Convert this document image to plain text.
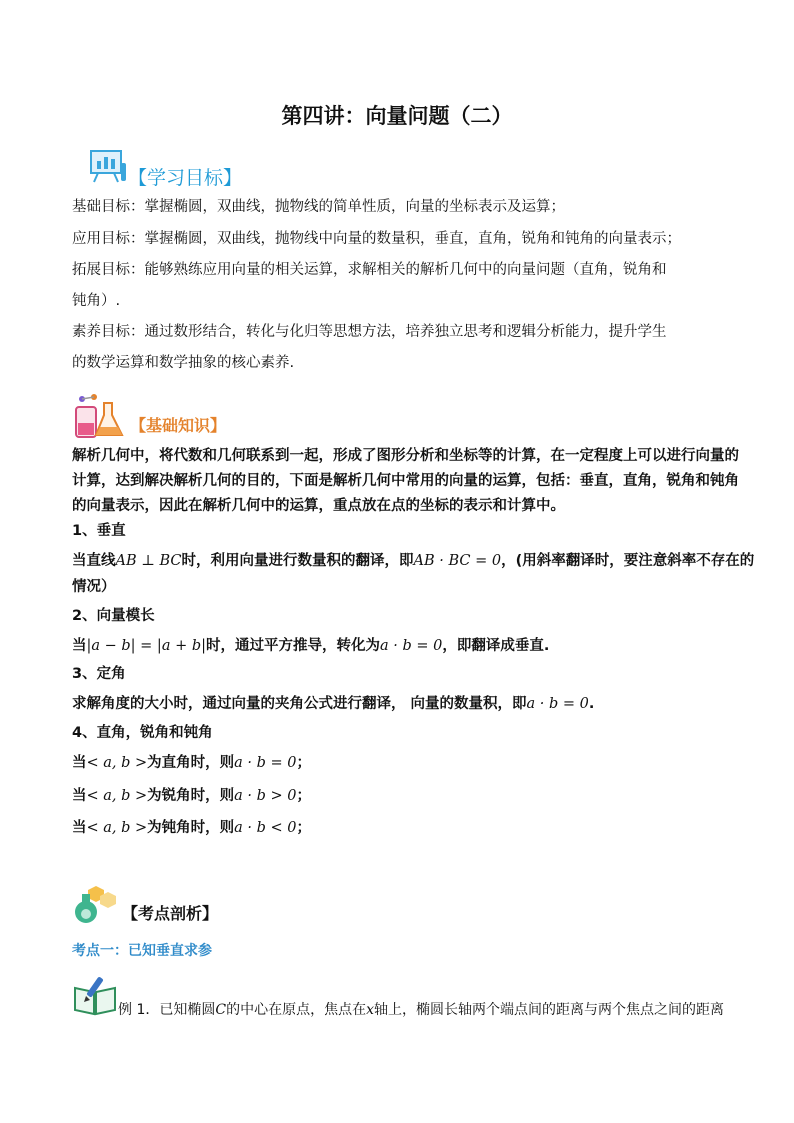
第四讲：向量问题（二）
【学习目标】
基础目标：掌握椭圆，双曲线，抛物线的简单性质，向量的坐标表示及运算；
应用目标：掌握椭圆，双曲线，抛物线中向量的数量积，垂直，直角，锐角和钝角的向量表示；
拓展目标：能够熟练应用向量的相关运算，求解相关的解析几何中的向量问题（直角，锐角和
钝角）.
素养目标：通过数形结合，转化与化归等思想方法，培养独立思考和逻辑分析能力，提升学生
的数学运算和数学抽象的核心素养.
【基础知识】
解析几何中，将代数和几何联系到一起，形成了图形分析和坐标等的计算，在一定程度上可以进行向量的
计算，达到解决解析几何的目的，下面是解析几何中常用的向量的运算，包括：垂直，直角，锐角和钝角
的向量表示，因此在解析几何中的运算，重点放在点的坐标的表示和计算中。
1、垂直
当直线AB ⊥ BC时，利用向量进行数量积的翻译，即AB · BC = 0，(用斜率翻译时，要注意斜率不存在的
情况）
2、向量模长
当|a − b| = |a + b|时，通过平方推导，转化为a · b = 0，即翻译成垂直.
3、定角
求解角度的大小时，通过向量的夹角公式进行翻译， 向量的数量积，即a · b = 0.
4、直角，锐角和钝角
当< a, b >为直角时，则a · b = 0；
当< a, b >为锐角时，则a · b > 0；
当< a, b >为钝角时，则a · b < 0；
【考点剖析】
考点一：已知垂直求参
例 1．已知椭圆C的中心在原点，焦点在x轴上，椭圆长轴两个端点间的距离与两个焦点之间的距离
